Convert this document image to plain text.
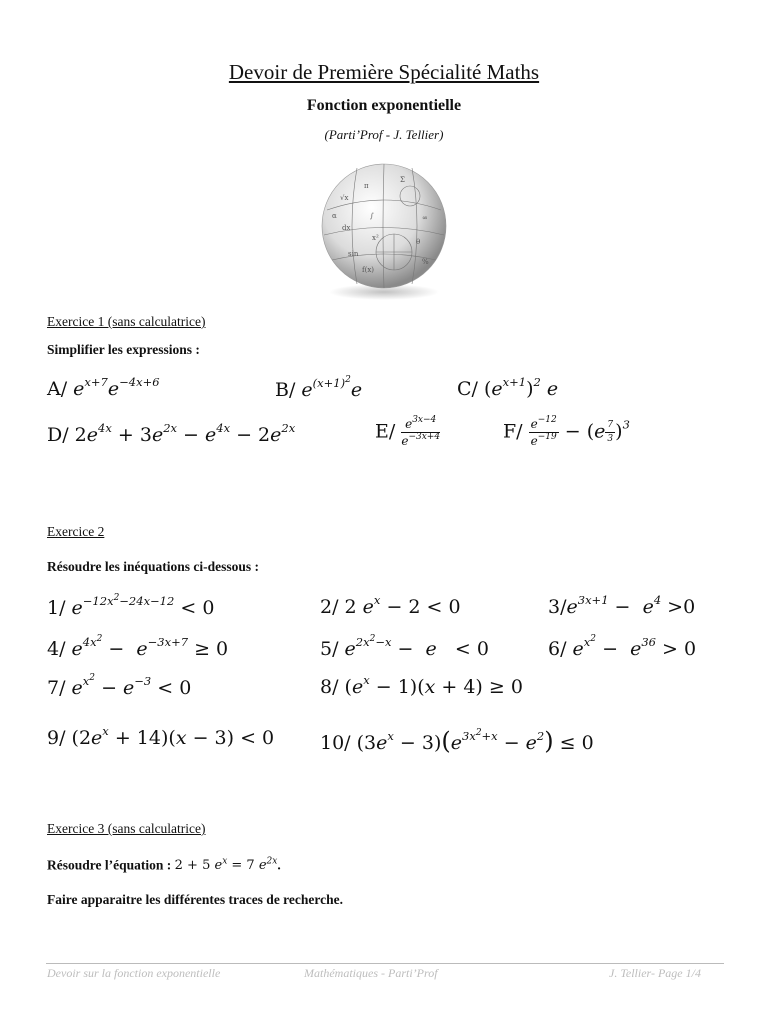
Devoir de Première Spécialité Maths
Fonction exponentielle
(Parti’Prof - J. Tellier)
√x
π
Σ
dx
∫	∞
sin
x²	θ
f(x)
%
α
Exercice 1 (sans calculatrice)
Simplifier les expressions :
A/ $e^{x+7}e^{-4x+6}$	B/ $e^{(x+1)^2}e$	C/ $(e^{x+1})^2$ e
D/ $2e^{4x} + 3e^{2x} - e^{4x} - 2e^{2x}$	$E/ \frac{e^{3x-4}}{e^{-3x+4}}$	$F/ \frac{e^{-12}}{e^{-19}} - (e \frac{7}{3} )^3$
Exercice 2
Résoudre les inéquations ci-dessous :
1/ $e^{-12x^2-24x-12} < 0$	2/ 2 $e^x - 2 < 0$	$3/e^{3x+1} - e^4 >0$
4/ $e^{4x^2} - e^{-3x+7} \ge 0$	5/ $e^{2x^2-x} - e < 0$	6/ $e^{x^2} - e^{36} > 0$
7/ $e^{x^2} - e^{-3} < 0$	8/ $(e^x - 1)(x + 4) \ge 0$
9/ $(2e^x + 14)(x - 3) < 0$ 10/ $(3e^x - 3)(e^{3x^2+x} - e^2) \le 0$
Exercice 3 (sans calculatrice)
Résoudre l’équation : 2 + 5 $e^x = 7$ $e^{2x}$.
Faire apparaitre les différentes traces de recherche.
Devoir sur la fonction exponentielle	Mathématiques - Parti’Prof	J. Tellier- Page 1/4
